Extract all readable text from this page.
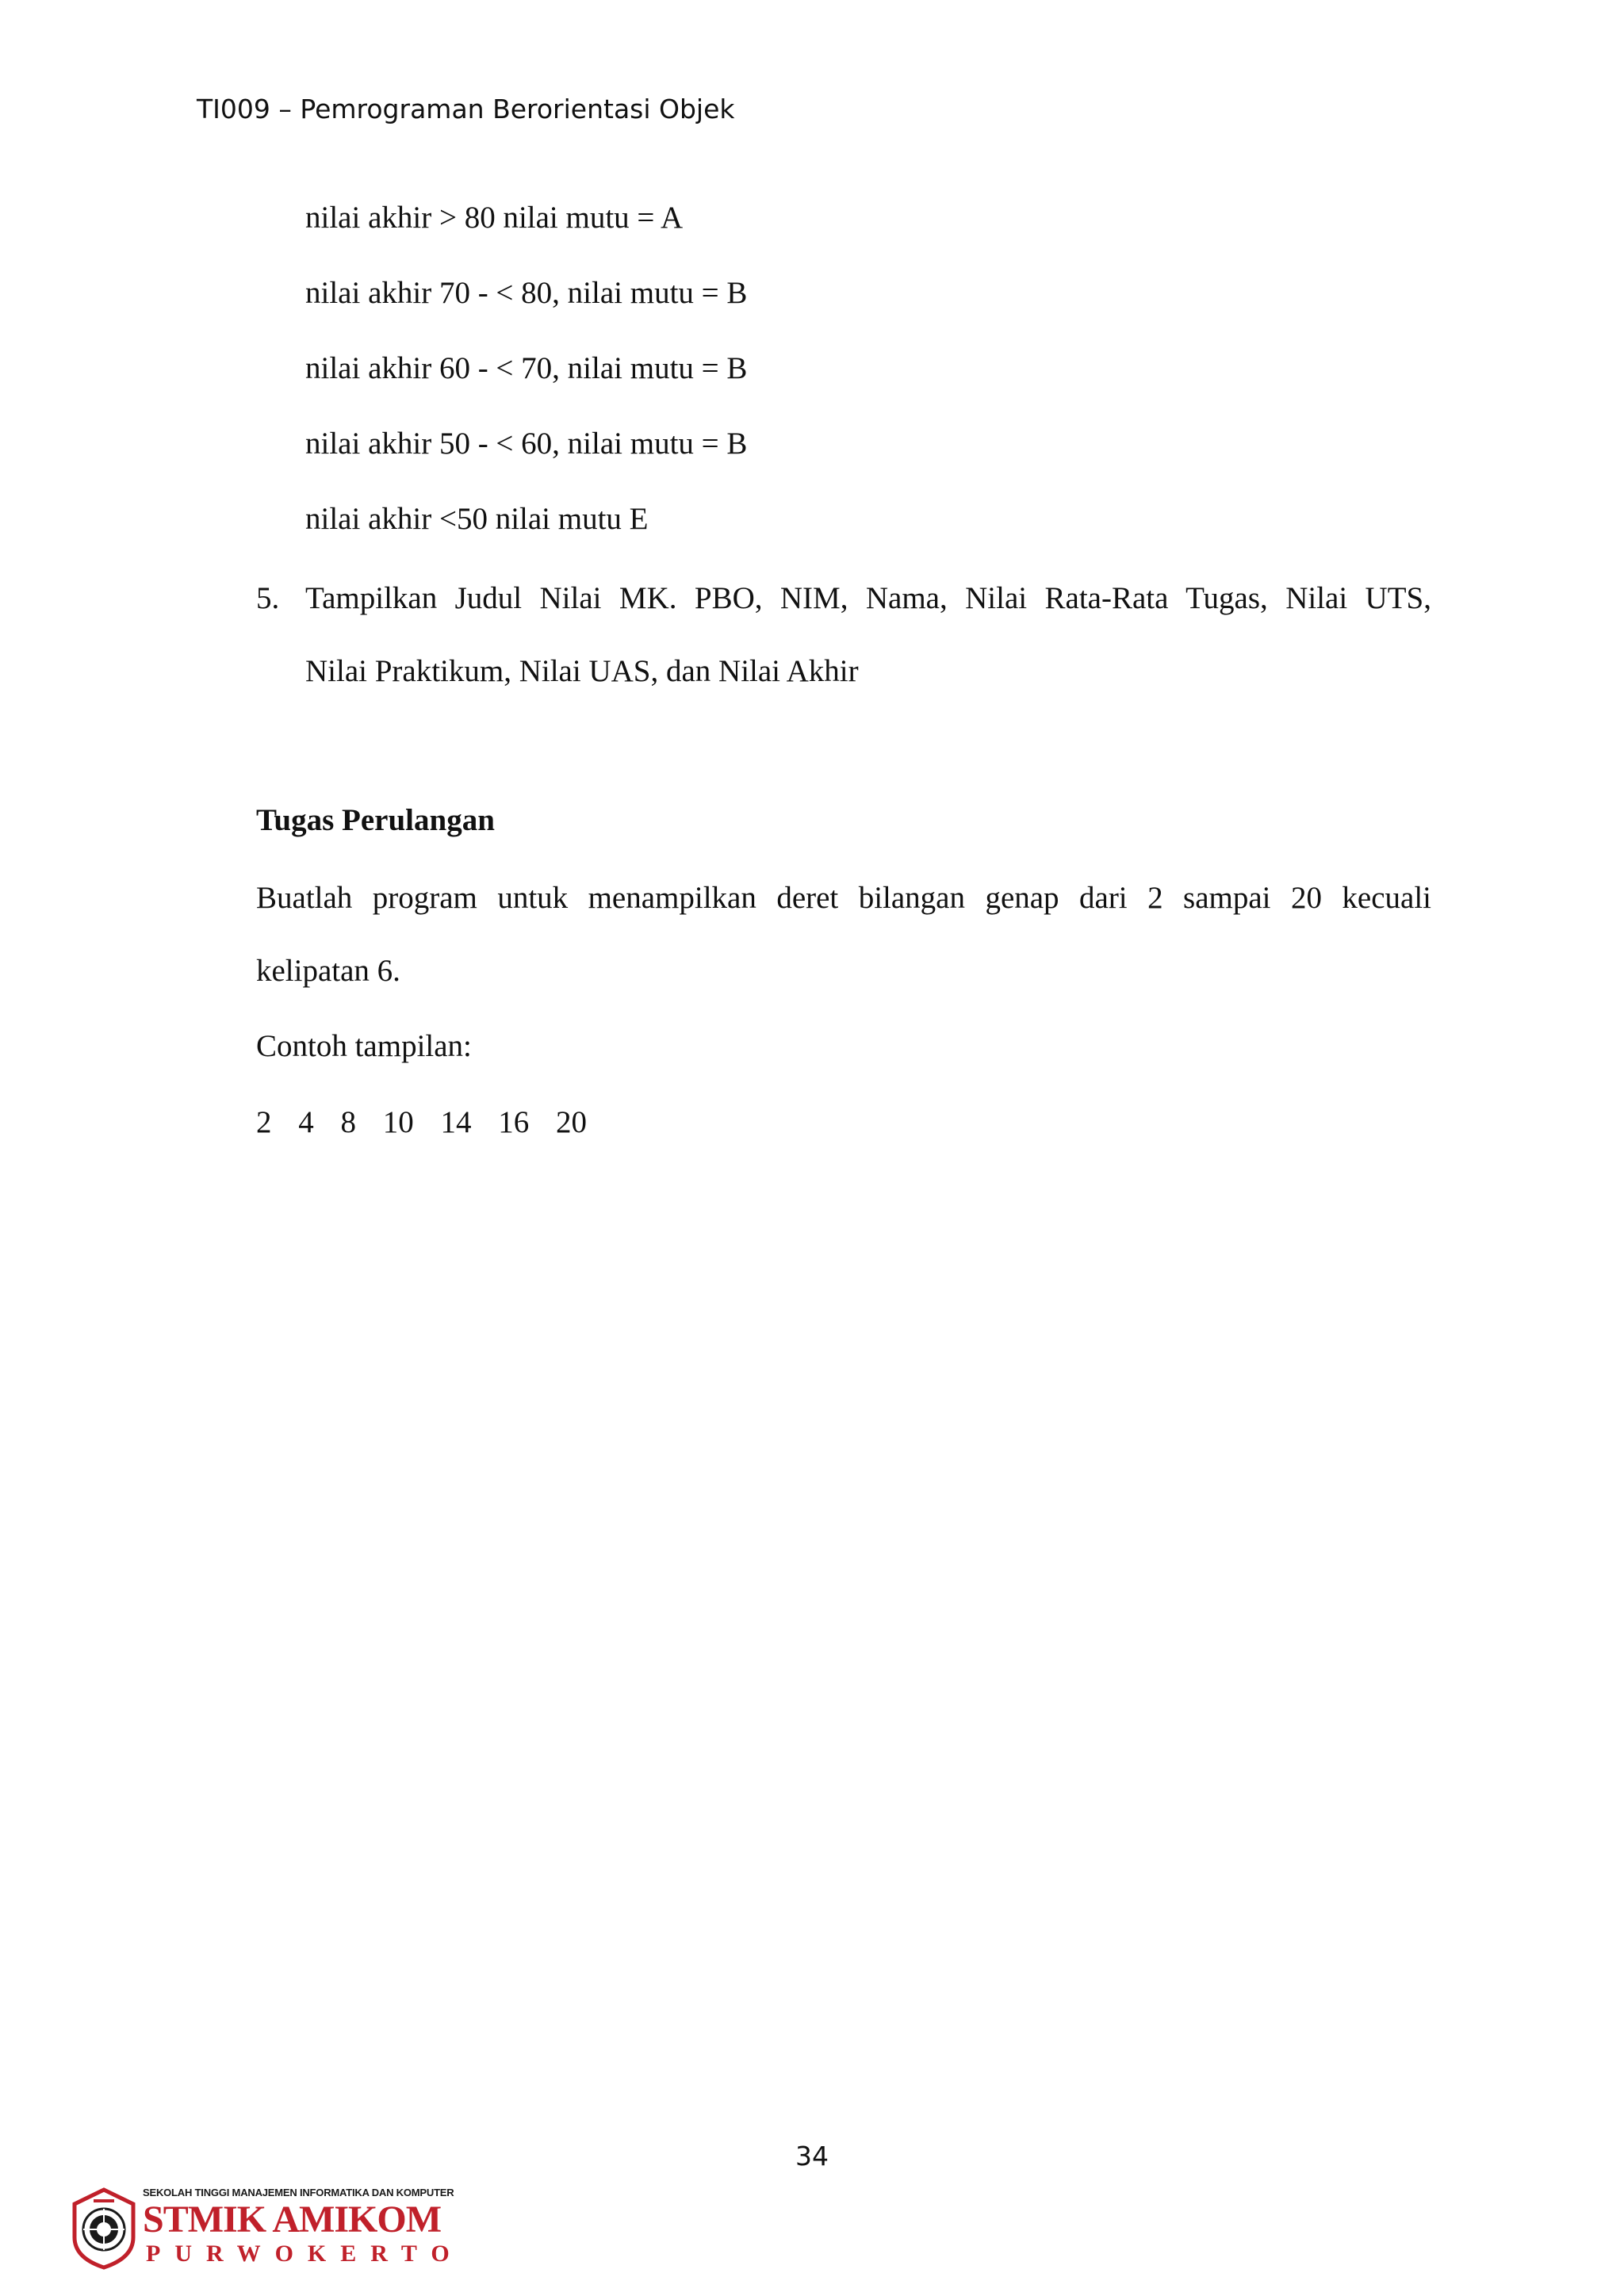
TI009 – Pemrograman Berorientasi Objek
nilai akhir > 80 nilai mutu = A
nilai akhir 70 - < 80, nilai mutu = B
nilai akhir 60 - < 70, nilai mutu = B
nilai akhir 50 - < 60, nilai mutu = B
nilai akhir <50 nilai mutu E
5. Tampilkan Judul Nilai MK. PBO, NIM, Nama, Nilai Rata-Rata Tugas, Nilai UTS,
Nilai Praktikum, Nilai UAS, dan Nilai Akhir
Tugas Perulangan
Buatlah program untuk menampilkan deret bilangan genap dari 2 sampai 20 kecuali
kelipatan 6.
Contoh tampilan:
2 4 8 10 14 16 20
34
SEKOLAH TINGGI MANAJEMEN INFORMATIKA DAN KOMPUTER
STMIK AMIKOM
PURWOKERTO
